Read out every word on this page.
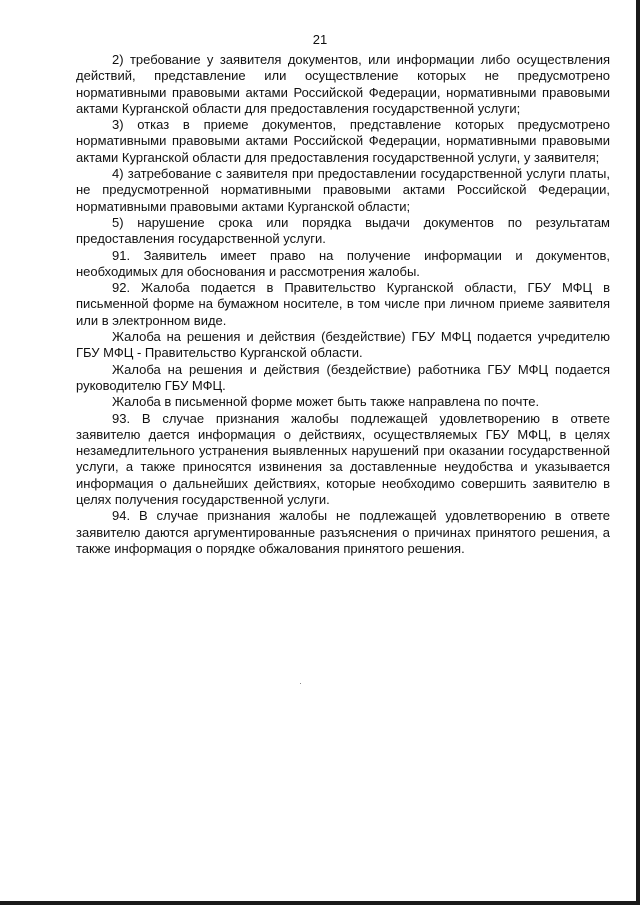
21

2) требование у заявителя документов, или информации либо осуществления действий, представление или осуществление которых не предусмотрено нормативными правовыми актами Российской Федерации, нормативными правовыми актами Курганской области для предоставления государственной услуги;

3) отказ в приеме документов, представление которых предусмотрено нормативными правовыми актами Российской Федерации, нормативными правовыми актами Курганской области для предоставления государственной услуги, у заявителя;

4) затребование с заявителя при предоставлении государственной услуги платы, не предусмотренной нормативными правовыми актами Российской Федерации, нормативными правовыми актами Курганской области;

5) нарушение срока или порядка выдачи документов по результатам предоставления государственной услуги.

91. Заявитель имеет право на получение информации и документов, необходимых для обоснования и рассмотрения жалобы.

92. Жалоба подается в Правительство Курганской области, ГБУ МФЦ в письменной форме на бумажном носителе, в том числе при личном приеме заявителя или в электронном виде.

Жалоба на решения и действия (бездействие) ГБУ МФЦ подается учредителю ГБУ МФЦ - Правительство Курганской области.

Жалоба на решения и действия (бездействие) работника ГБУ МФЦ подается руководителю ГБУ МФЦ.

Жалоба в письменной форме может быть также направлена по почте.

93. В случае признания жалобы подлежащей удовлетворению в ответе заявителю дается информация о действиях, осуществляемых ГБУ МФЦ, в целях незамедлительного устранения выявленных нарушений при оказании государственной услуги, а также приносятся извинения за доставленные неудобства и указывается информация о дальнейших действиях, которые необходимо совершить заявителю в целях получения государственной услуги.

94. В случае признания жалобы не подлежащей удовлетворению в ответе заявителю даются аргументированные разъяснения о причинах принятого решения, а также информация о порядке обжалования принятого решения.
